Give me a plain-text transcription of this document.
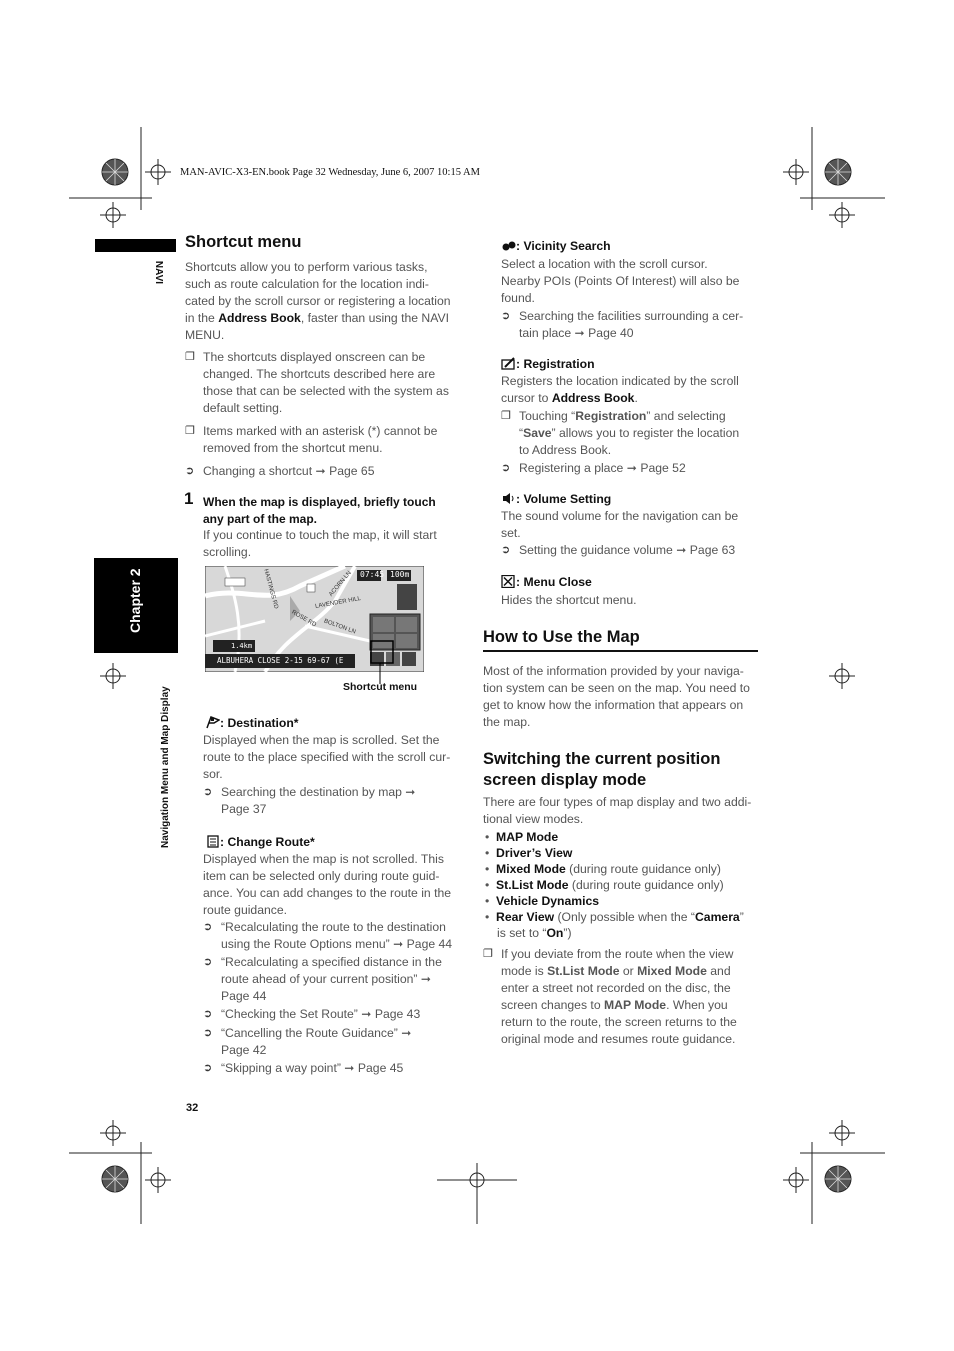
MAN-AVIC-X3-EN.book Page 32 Wednesday, June 6, 2007 10:15 AM
NAVI
Chapter 2
Navigation Menu and Map Display
32
Shortcut menu
Shortcuts allow you to perform various tasks,
such as route calculation for the location indi-
cated by the scroll cursor or registering a location
in the Address Book, faster than using the NAVI
MENU.
❐ The shortcuts displayed onscreen can be
changed. The shortcuts described here are
those that can be selected with the system as
default setting.
❐ Items marked with an asterisk (*) cannot be
removed from the shortcut menu.
➲ Changing a shortcut ➞ Page 65
1 When the map is displayed, briefly touch
any part of the map.
If you continue to touch the map, it will start
scrolling.
07:45 100m
1.4km
ALBUHERA CLOSE 2-15 69-67 (E
LAVENDER HILL
BOLTON LN
ACORN LN
ROSE RD
HASTINGS RD
Shortcut menu
: Destination*
Displayed when the map is scrolled. Set the
route to the place specified with the scroll cur-
sor.
➲ Searching the destination by map ➞
Page 37
: Change Route*
Displayed when the map is not scrolled. This
item can be selected only during route guid-
ance. You can add changes to the route in the
route guidance.
➲ “Recalculating the route to the destination
using the Route Options menu” ➞ Page 44
➲ “Recalculating a specified distance in the
route ahead of your current position” ➞
Page 44
➲ “Checking the Set Route” ➞ Page 43
➲ “Cancelling the Route Guidance” ➞
Page 42
➲ “Skipping a way point” ➞ Page 45
: Vicinity Search
Select a location with the scroll cursor.
Nearby POIs (Points Of Interest) will also be
found.
➲ Searching the facilities surrounding a cer-
tain place ➞ Page 40
: Registration
Registers the location indicated by the scroll
cursor to Address Book.
❐ Touching “Registration” and selecting
“Save” allows you to register the location
to Address Book.
➲ Registering a place ➞ Page 52
: Volume Setting
The sound volume for the navigation can be
set.
➲ Setting the guidance volume ➞ Page 63
: Menu Close
Hides the shortcut menu.
How to Use the Map
Most of the information provided by your naviga-
tion system can be seen on the map. You need to
get to know how the information that appears on
the map.
Switching the current position
screen display mode
There are four types of map display and two addi-
tional view modes.
•  MAP Mode
•  Driver’s View
•  Mixed Mode (during route guidance only)
•  St.List Mode (during route guidance only)
•  Vehicle Dynamics
•  Rear View (Only possible when the “Camera”
is set to “On”)
❐ If you deviate from the route when the view
mode is St.List Mode or Mixed Mode and
enter a street not recorded on the disc, the
screen changes to MAP Mode. When you
return to the route, the screen returns to the
original mode and resumes route guidance.
